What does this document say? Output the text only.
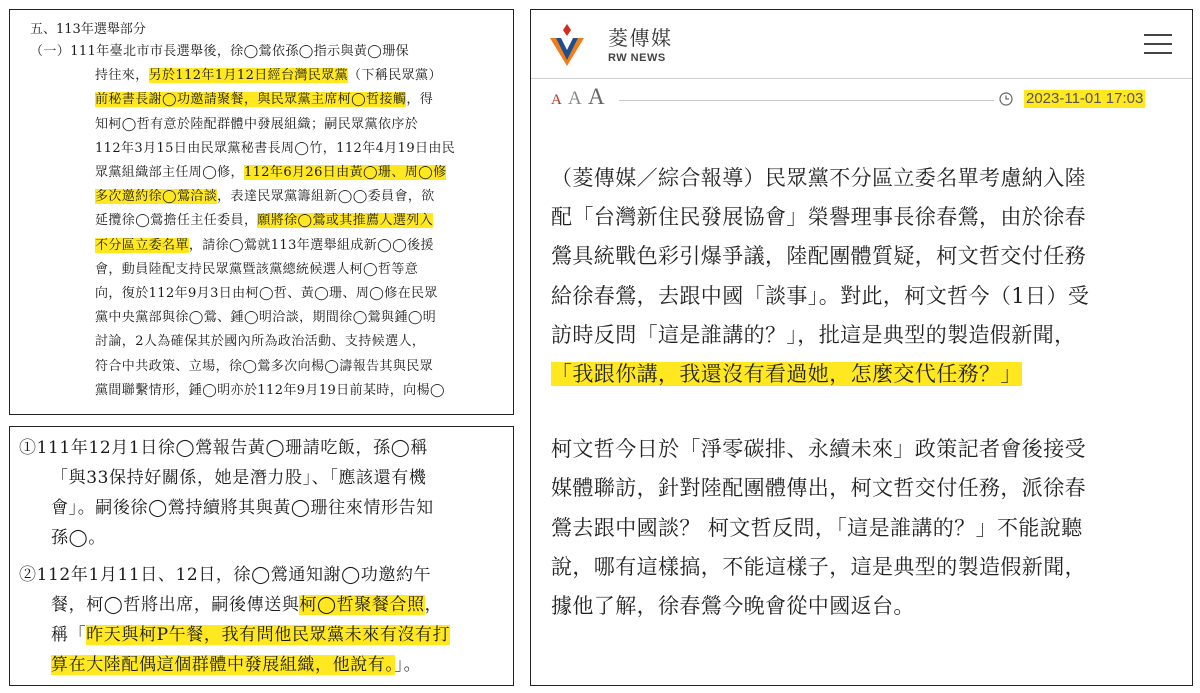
五、113年選舉部分
（一）111年臺北市市長選舉後，徐◯鶯依孫◯指示與黃◯珊保
持往來，另於112年1月12日經台灣民眾黨（下稱民眾黨）
前秘書長謝◯功邀請聚餐，與民眾黨主席柯◯哲接觸，得
知柯◯哲有意於陸配群體中發展組織；嗣民眾黨依序於
112年3月15日由民眾黨秘書長周◯竹，112年4月19日由民
眾黨組織部主任周◯修，112年6月26日由黃◯珊、周◯修
多次邀約徐◯鶯洽談，表達民眾黨籌組新◯◯委員會，欲
延攬徐◯鶯擔任主任委員，願將徐◯鶯或其推薦人選列入
不分區立委名單，請徐◯鶯就113年選舉組成新◯◯後援
會，動員陸配支持民眾黨暨該黨總統候選人柯◯哲等意
向，復於112年9月3日由柯◯哲、黃◯珊、周◯修在民眾
黨中央黨部與徐◯鶯、鍾◯明洽談，期間徐◯鶯與鍾◯明
討論，2人為確保其於國內所為政治活動、支持候選人，
符合中共政策、立場，徐◯鶯多次向楊◯濤報告其與民眾
黨間聯繫情形，鍾◯明亦於112年9月19日前某時，向楊◯
①111年12月1日徐◯鶯報告黃◯珊請吃飯，孫◯稱
「與33保持好關係，她是潛力股」、「應該還有機
會」。嗣後徐◯鶯持續將其與黃◯珊往來情形告知
孫◯。
②112年1月11日、12日，徐◯鶯通知謝◯功邀約午
餐，柯◯哲將出席，嗣後傳送與柯◯哲聚餐合照，
稱「昨天與柯P午餐，我有問他民眾黨未來有沒有打
算在大陸配偶這個群體中發展組織，他說有。」。
菱傳媒
RW NEWS
A A A	2023-11-01 17:03
（菱傳媒／綜合報導）民眾黨不分區立委名單考慮納入陸
配「台灣新住民發展協會」榮譽理事長徐春鶯，由於徐春
鶯具統戰色彩引爆爭議，陸配團體質疑，柯文哲交付任務
給徐春鶯，去跟中國「談事」。對此，柯文哲今（1日）受
訪時反問「這是誰講的？」，批這是典型的製造假新聞，
「我跟你講，我還沒有看過她，怎麼交代任務？」
柯文哲今日於「淨零碳排、永續未來」政策記者會後接受
媒體聯訪，針對陸配團體傳出，柯文哲交付任務，派徐春
鶯去跟中國談？ 柯文哲反問，「這是誰講的？」不能說聽
說，哪有這樣搞，不能這樣子，這是典型的製造假新聞，
據他了解，徐春鶯今晚會從中國返台。
